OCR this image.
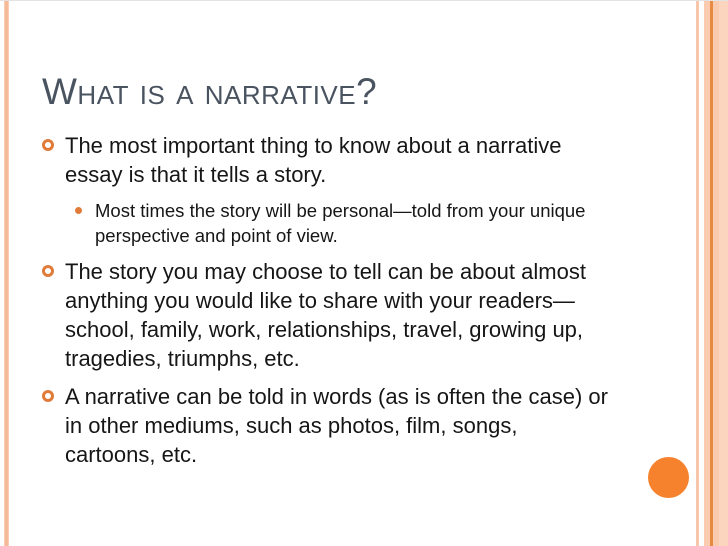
What is a narrative?
The most important thing to know about a narrative essay is that it tells a story.
Most times the story will be personal—told from your unique perspective and point of view.
The story you may choose to tell can be about almost anything you would like to share with your readers—school, family, work, relationships, travel, growing up, tragedies, triumphs, etc.
A narrative can be told in words (as is often the case) or in other mediums, such as photos, film, songs, cartoons, etc.
